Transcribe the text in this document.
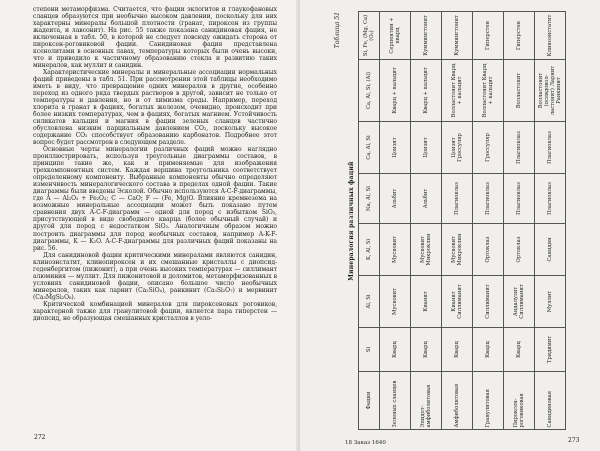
степени метаморфизма. Считается, что фации эклогитов и глаукофановых сланцев образуются при необычно высоком давлении, поскольку для них характерны минералы большой плотности (гранат, пироксен из группы жадеита, и лавсонит). На рис. 55 также показана санидиновая фация, не включенная в табл. 50, в которой не следует повсюду ожидать сторона от пироксен-роговиковой фации. Санидиновая фация представлена ксенолитами в основных лавах, температуры которых были очень высоки, что и приводило к частичному образованию стекла и развитию таких минералов, как муллит и санидин.

Характеристические минералы и минеральные ассоциации нормальных фаций приведены в табл. 51. При рассмотрении этой таблицы необходимо иметь в виду, что превращение одних минералов в другие, особенно переход из одного ряда твердых растворов в другой, зависит не только от температуры и давления, но и от химизма среды. Например, переход хлорита в гранат в фациях, богатых железом, очевидно, происходит при более низких температурах, чем в фациях, богатых магнием. Устойчивость силикатов кальция и магния в фации зеленых сланцев частично обусловлена низким парциальным давлением CO₂, поскольку высокое содержание CO₂ способствует образованию карбонатов. Подробнее этот вопрос будет рассмотрен в следующем разделе.

Основные черты минералогии различных фаций можно наглядно проиллюстрировать, используя треугольные диаграммы составов, в принципе такие же, как и применяемые для изображения трехкомпонентных систем. Каждая вершина треугольника соответствует определенному компоненту. Выбранные компоненты обычно определяют изменчивость минералогического состава в пределах одной фации. Такие диаграммы были введены Эсколой. Обычно используются A-C-F-диаграммы, где A — Al₂O₃ + Fe₂O₃; C — CaO; F — (Fe, Mg)O. Влияние кремнезема на возможные минеральные ассоциации может быть показано путем сравнения двух A-C-F-диаграмм — одной для пород с избытком SiO₂, присутствующей в виде свободного кварца (более обычный случай) и другой для пород с недостатком SiO₂. Аналогичным образом можно построить диаграммы для пород необычных составов, например A-K-F-диаграммы, K — K₂O. A-C-F-диаграммы для различных фаций показаны на рис. 56.

Для санидиновой фации критическими минералами являются санидин, клиноэнстатит, клинопироксен и их смешанные кристаллы с диопсид-геденбергитом (пижонит), а при очень высоких температурах — силлимант алюминия — муллит. Для пижонитовой и доломитов, метаморфизованных в условиях санидиновой фации, описано большое число необычных минералов, таких как ларнит (Ca₂SiO₄), ранкинит (Ca₃Si₂O₇) и мервинит (Ca₃MgSi₂O₈).

Критической комбинацией минералов для пироксеновых роговиков, характерной также для гранулитовой фации, является пара гиперстен — диопсид, не образующая смешанных кристаллов в уело-

272
Таблица 51
Минералогия различных фаций
Фации	Si	Al, Si	K, Al, Si	Na, Al, Si	Ca, Al, Si	Ca, Al, Si, (Al)	Si, Fe, (Mg, Ca) (O₂)
Зеленых сланцев	Кварц	Мусковит	Мусковит	Альбит	Цоизит	Кварц + кальцит	Серпентин + кварц
Эпидот-амфиболитовая	Кварц	Кианит	Мусковит Микроклин	Альбит	Цоизит	Кварц + кальцит	Куммингтонит
Амфиболитовая	Кварц	Кианит Силлиманит	Мусковит Микроклин	Плагиоклаз	Цоизит Гроссуляр	Волластонит Кварц + кальцит	Куммингтонит
Гранулитовая	Кварц	Силлиманит	Ортоклаз	Плагиоклаз	Гроссуляр	Волластонит Кварц + кальцит	Гиперстен
Пироксен-роговиковая	Кварц	Андалузит Силлиманит	Ортоклаз	Плагиоклаз	Плагиоклаз	Волластонит	Гиперстен
Санидиновая	Тридимит	Муллит	Санидин	Плагиоклаз	Плагиоклаз	Волластонит (псевдовол-ластонит) Ларнит Ранкинит	Клиноэнстатит
18 Заказ 1640	273
